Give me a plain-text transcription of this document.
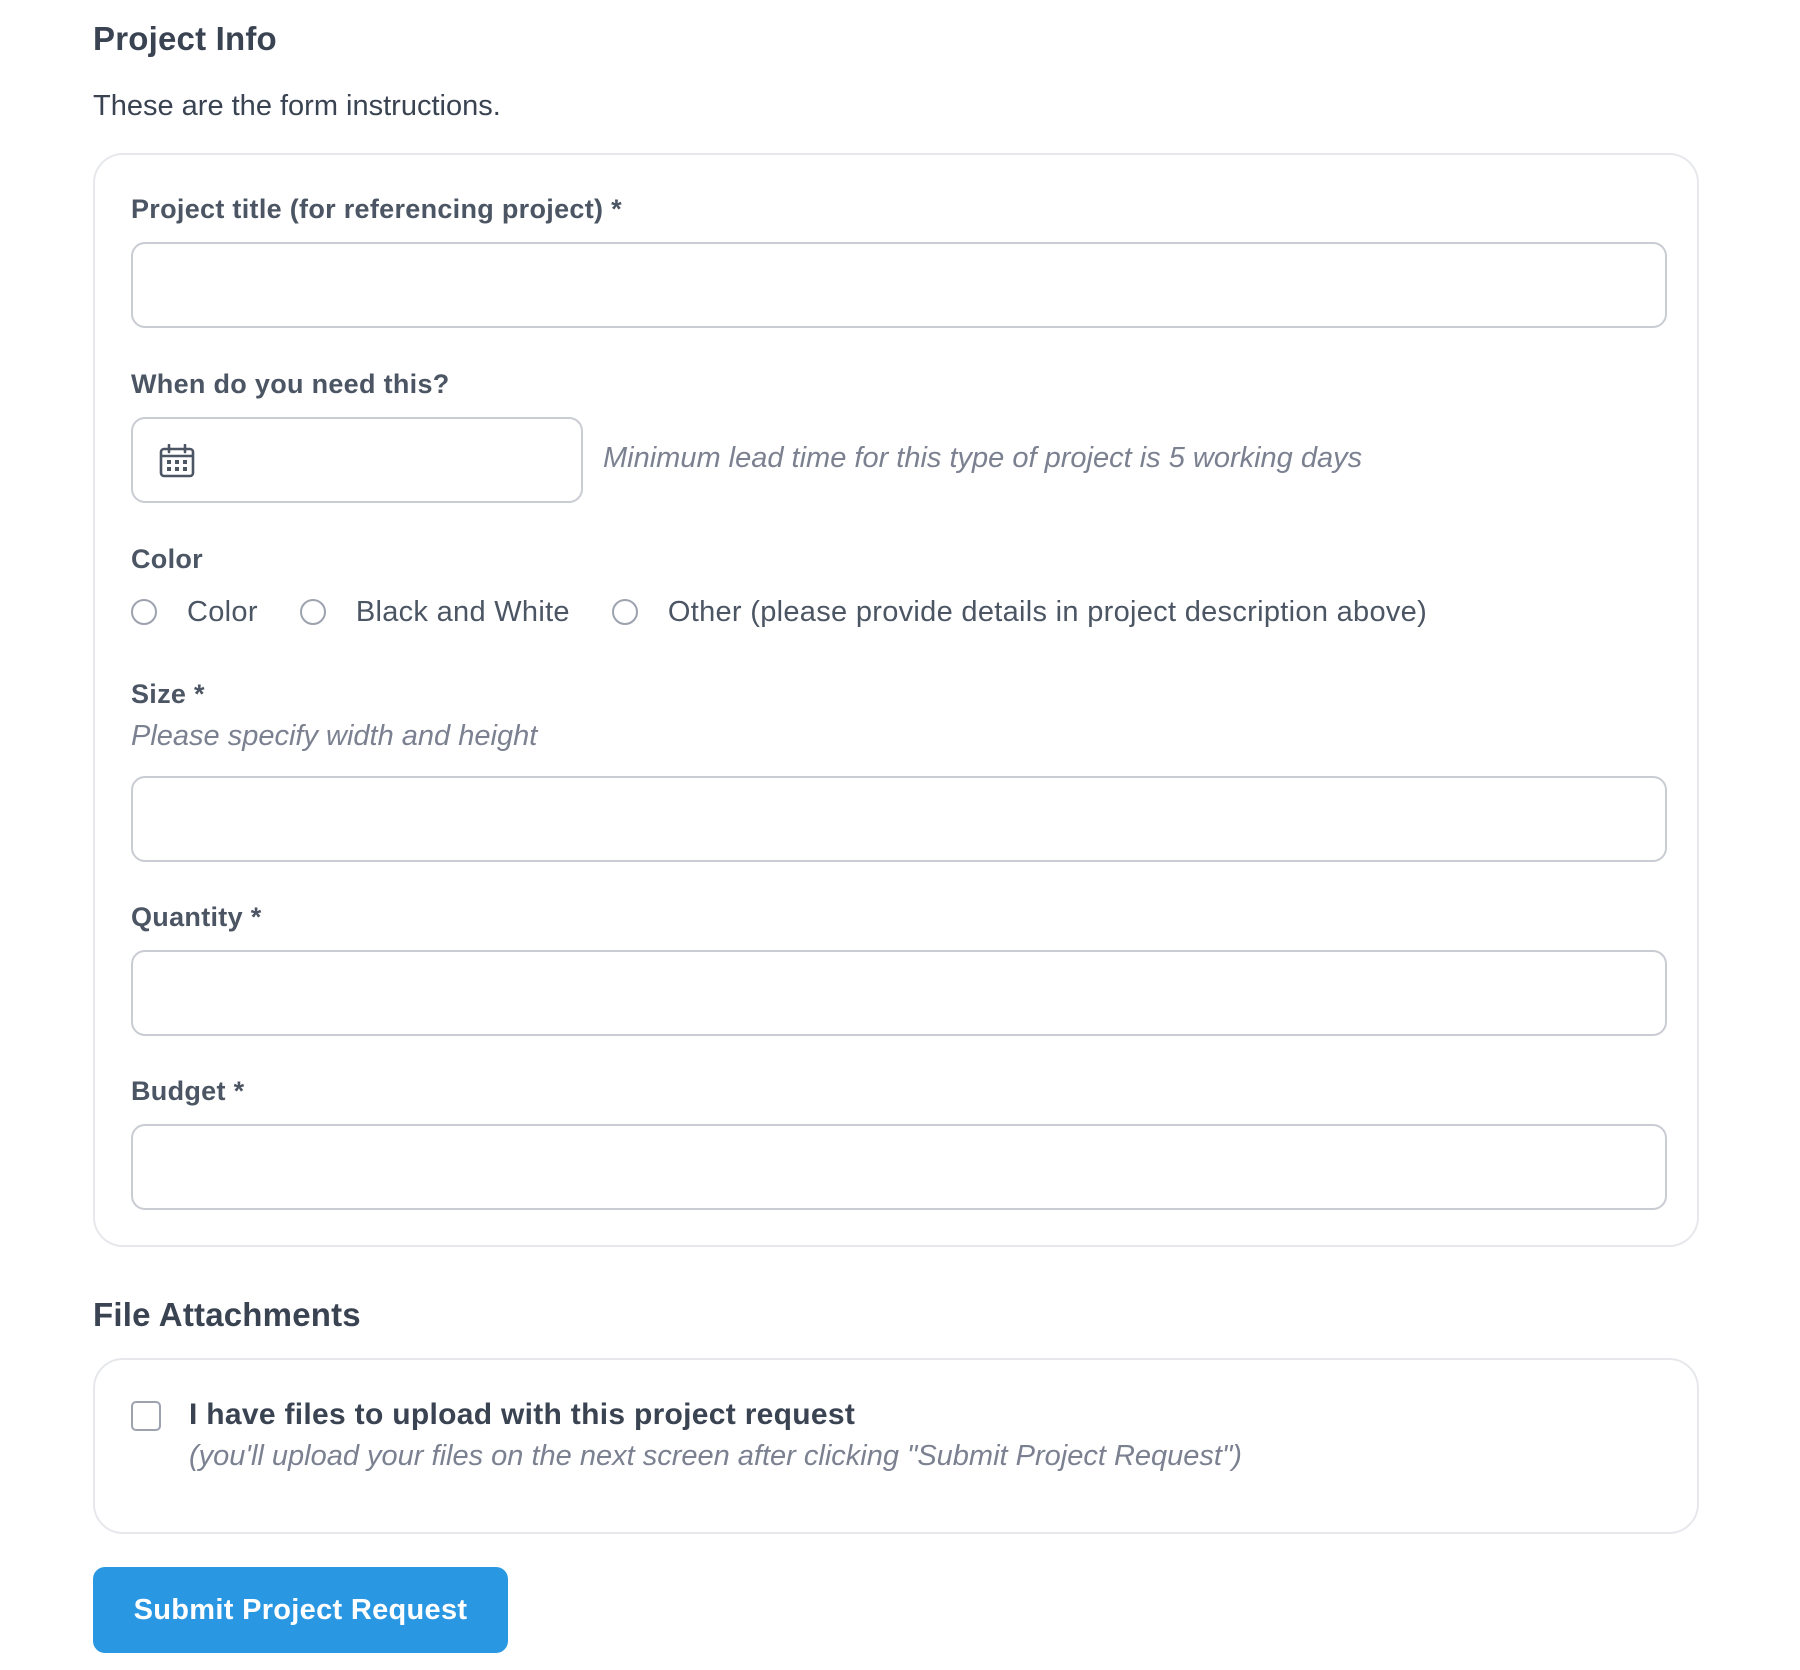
Project Info
These are the form instructions.
Project title (for referencing project) *
When do you need this?
Minimum lead time for this type of project is 5 working days
Color
Color	Black and White	Other (please provide details in project description above)
Size *
Please specify width and height
Quantity *
Budget *
File Attachments
I have files to upload with this project request
(you'll upload your files on the next screen after clicking "Submit Project Request")
Submit Project Request
